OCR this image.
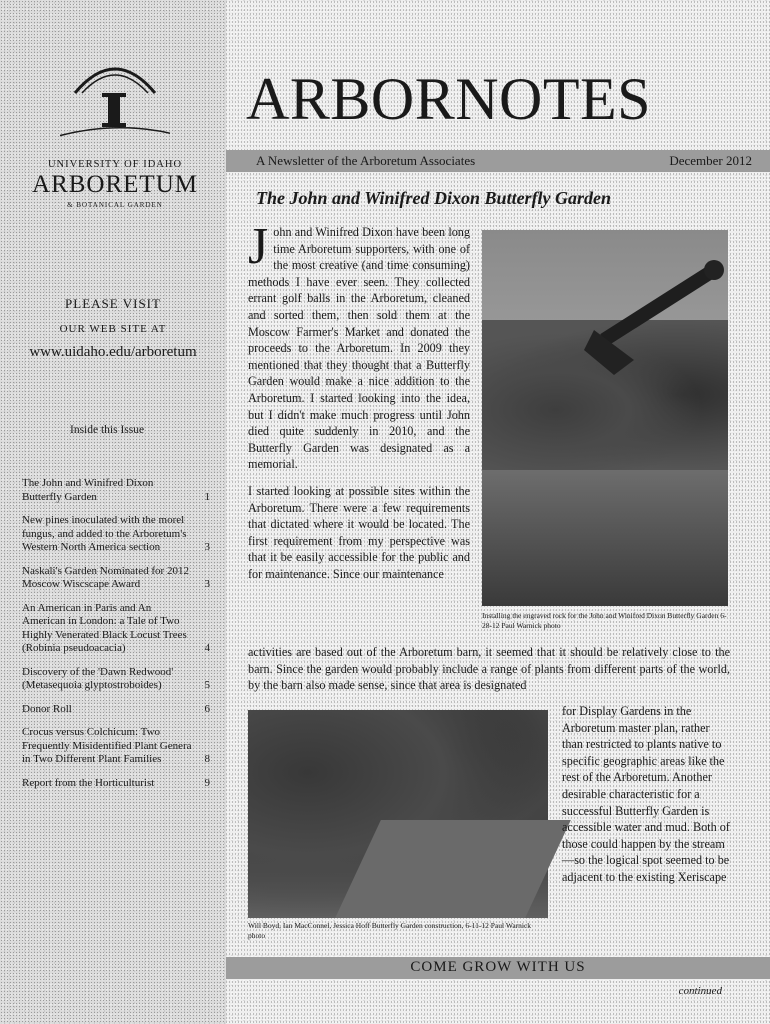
UNIVERSITY OF IDAHO
ARBORETUM
& BOTANICAL GARDEN
PLEASE VISIT
OUR WEB SITE AT
www.uidaho.edu/arboretum
Inside this Issue
The John and Winifred Dixon Butterfly Garden	1
New pines inoculated with the morel fungus, and added to the Arboretum's Western North America section	3
Naskali's Garden Nominated for 2012 Moscow Wiscscape Award	3
An American in Paris and An American in London: a Tale of Two Highly Venerated Black Locust Trees (Robinia pseudoacacia)	4
Discovery of the 'Dawn Redwood' (Metasequoia glyptostroboides)	5
Donor Roll	6
Crocus versus Colchicum: Two Frequently Misidentified Plant Genera in Two Different Plant Families	8
Report from the Horticulturist	9
ARBORNOTES
A Newsletter of the Arboretum Associates	December 2012
The John and Winifred Dixon Butterfly Garden

John and Winifred Dixon have been long time Arboretum supporters, with one of the most creative (and time consuming) methods I have ever seen. They collected errant golf balls in the Arboretum, cleaned and sorted them, then sold them at the Moscow Farmer's Market and donated the proceeds to the Arboretum. In 2009 they mentioned that they thought that a Butterfly Garden would make a nice addition to the Arboretum. I started looking into the idea, but I didn't make much progress until John died quite suddenly in 2010, and the Butterfly Garden was designated as a memorial.

I started looking at possible sites within the Arboretum. There were a few requirements that dictated where it would be located. The first requirement from my perspective was that it be easily accessible for the public and for maintenance. Since our maintenance

Installing the engraved rock for the John and Winifred Dixon Butterfly Garden 6-28-12 Paul Warnick photo
activities are based out of the Arboretum barn, it seemed that it should be relatively close to the barn. Since the garden would probably include a range of plants from different parts of the world, by the barn also made sense, since that area is designated
Will Boyd, Ian MacConnel, Jessica Hoff Butterfly Garden construction, 6-11-12 Paul Warnick photo
for Display Gardens in the Arboretum master plan, rather than restricted to plants native to specific geographic areas like the rest of the Arboretum. Another desirable characteristic for a successful Butterfly Garden is accessible water and mud. Both of those could happen by the stream—so the logical spot seemed to be adjacent to the existing Xeriscape
COME GROW WITH US
continued
